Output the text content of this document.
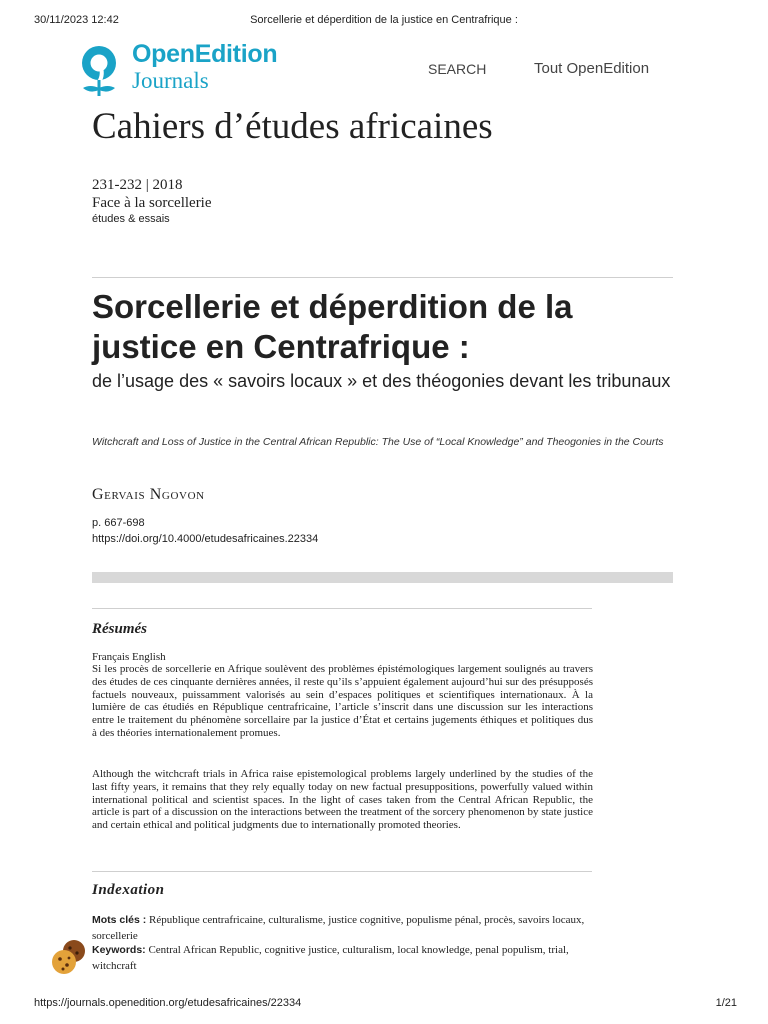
30/11/2023 12:42	Sorcellerie et déperdition de la justice en Centrafrique :
OpenEdition
Journals	SEARCH	Tout OpenEdition
Cahiers d’études africaines
231-232 | 2018
Face à la sorcellerie
études & essais
Sorcellerie et déperdition de la justice en Centrafrique :
de l’usage des « savoirs locaux » et des théogonies devant les tribunaux
Witchcraft and Loss of Justice in the Central African Republic: The Use of “Local Knowledge” and Theogonies in the Courts
Gervais Ngovon
p. 667-698
https://doi.org/10.4000/etudesafricaines.22334
Résumés
Français English
Si les procès de sorcellerie en Afrique soulèvent des problèmes épistémologiques largement soulignés au travers des études de ces cinquante dernières années, il reste qu’ils s’appuient également aujourd’hui sur des présupposés factuels nouveaux, puissamment valorisés au sein d’espaces politiques et scientifiques internationaux. À la lumière de cas étudiés en République centrafricaine, l’article s’inscrit dans une discussion sur les interactions entre le traitement du phénomène sorcellaire par la justice d’État et certains jugements éthiques et politiques dus à des théories internationalement promues.
Although the witchcraft trials in Africa raise epistemological problems largely underlined by the studies of the last fifty years, it remains that they rely equally today on new factual presuppositions, powerfully valued within international political and scientist spaces. In the light of cases taken from the Central African Republic, the article is part of a discussion on the interactions between the treatment of the sorcery phenomenon by state justice and certain ethical and political judgments due to internationally promoted theories.
Indexation
Mots clés : République centrafricaine, culturalisme, justice cognitive, populisme pénal, procès, savoirs locaux, sorcellerie
Keywords: Central African Republic, cognitive justice, culturalism, local knowledge, penal populism, trial, witchcraft
https://journals.openedition.org/etudesafricaines/22334	1/21
